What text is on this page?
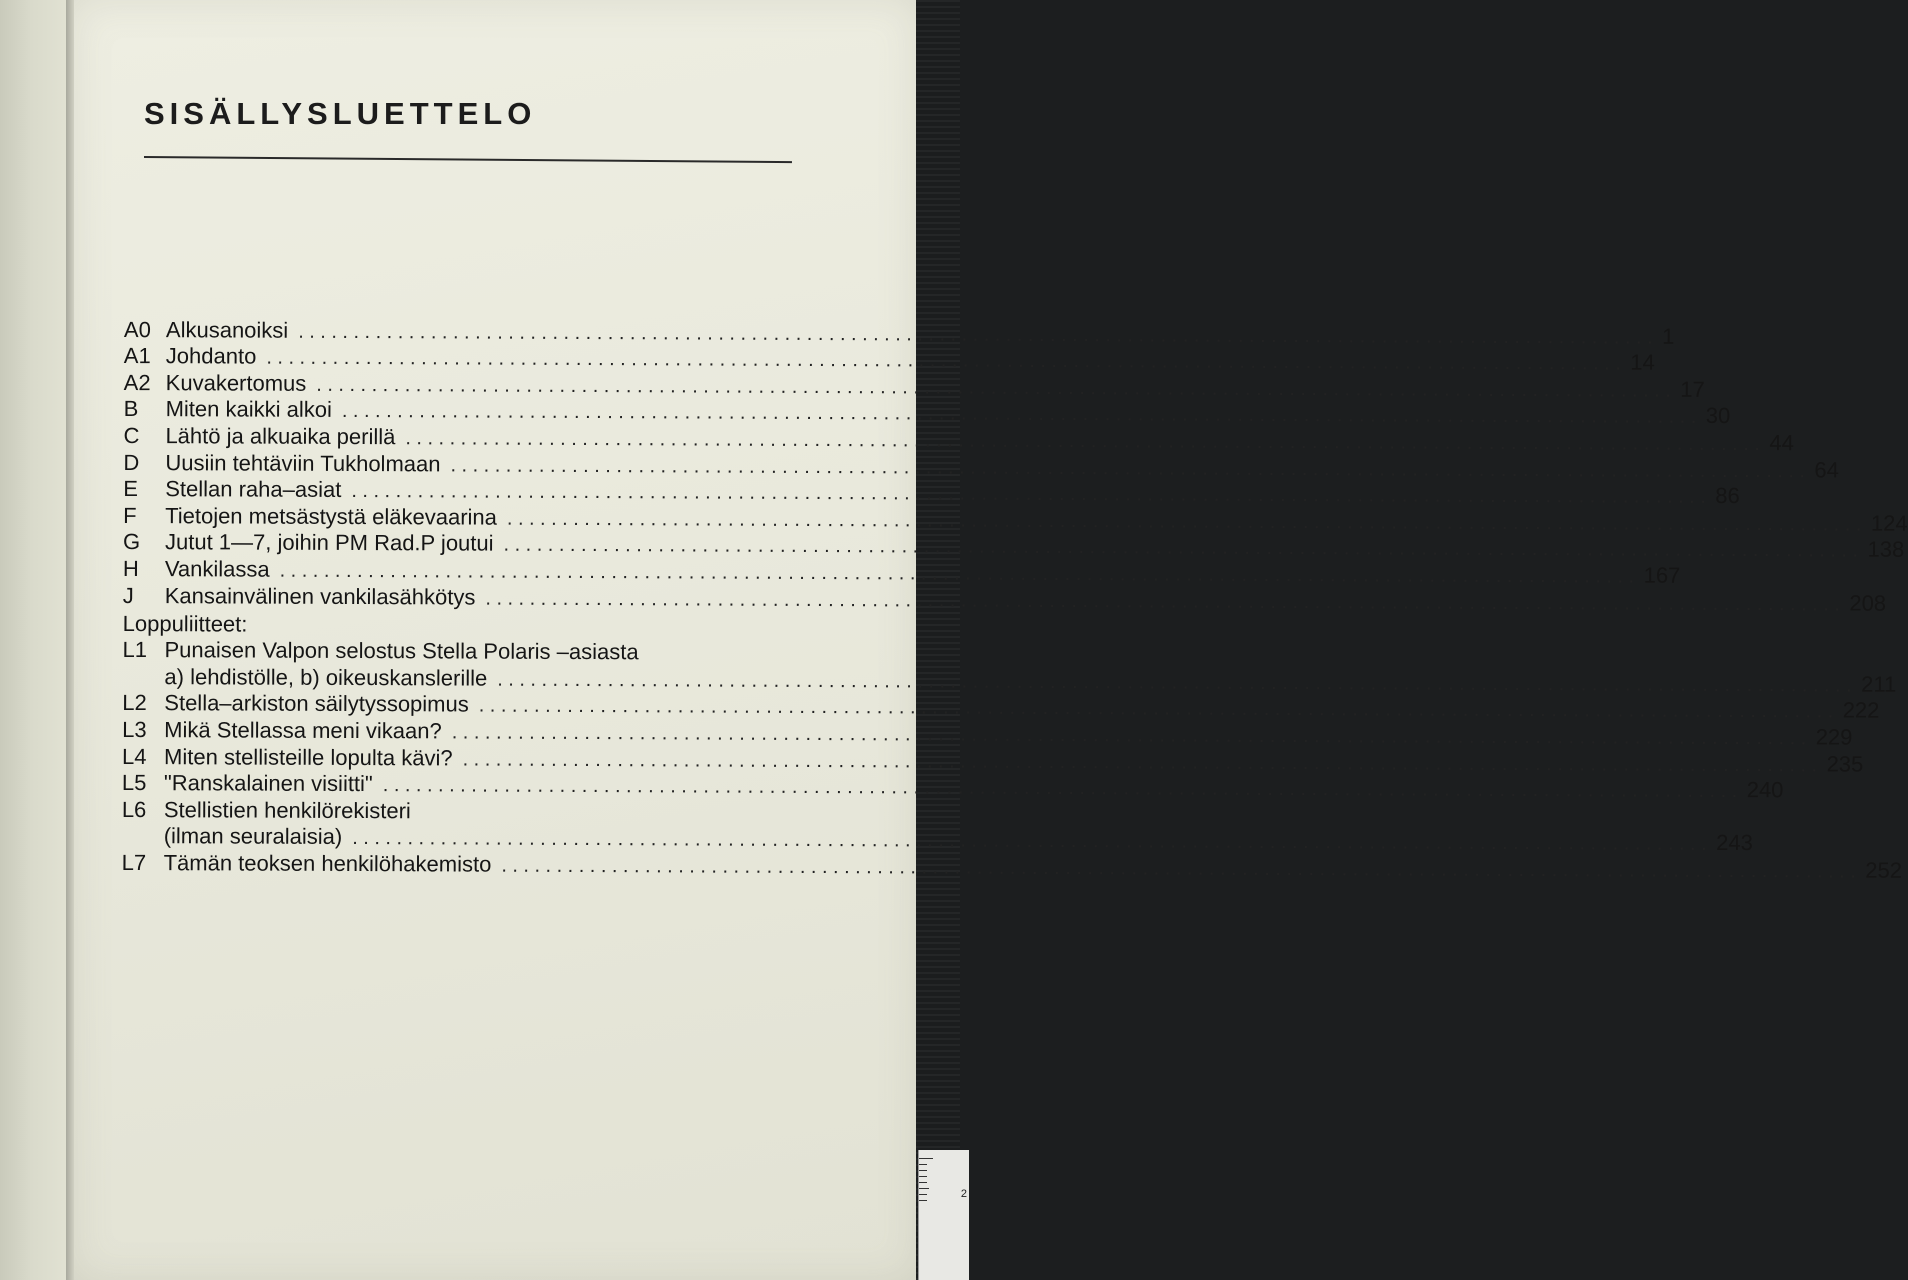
2
SISÄLLYSLUETTELO
A0 Alkusanoiksi ........................................................................................................................... 1
A1 Johdanto ........................................................................................................................... 14
A2 Kuvakertomus ........................................................................................................................... 17
B	Miten kaikki alkoi ........................................................................................................................... 30
C	Lähtö ja alkuaika perillä ........................................................................................................................... 44
D	Uusiin tehtäviin Tukholmaan ........................................................................................................................... 64
E	Stellan raha–asiat ........................................................................................................................... 86
F	Tietojen metsästystä eläkevaarina ........................................................................................................................... 124
G	Jutut 1—7, joihin PM Rad.P joutui ........................................................................................................................... 138
H	Vankilassa ........................................................................................................................... 167
J	Kansainvälinen vankilasähkötys ........................................................................................................................... 208
Loppuliitteet:
L1 Punaisen Valpon selostus Stella Polaris –asiasta
a) lehdistölle, b) oikeuskanslerille ........................................................................................................................... 211
L2 Stella–arkiston säilytyssopimus ........................................................................................................................... 222
L3 Mikä Stellassa meni vikaan? ........................................................................................................................... 229
L4 Miten stellisteille lopulta kävi? ........................................................................................................................... 235
L5 "Ranskalainen visiitti" ........................................................................................................................... 240
L6 Stellistien henkilörekisteri
(ilman seuralaisia) ........................................................................................................................... 243
L7 Tämän teoksen henkilöhakemisto ........................................................................................................................... 252
